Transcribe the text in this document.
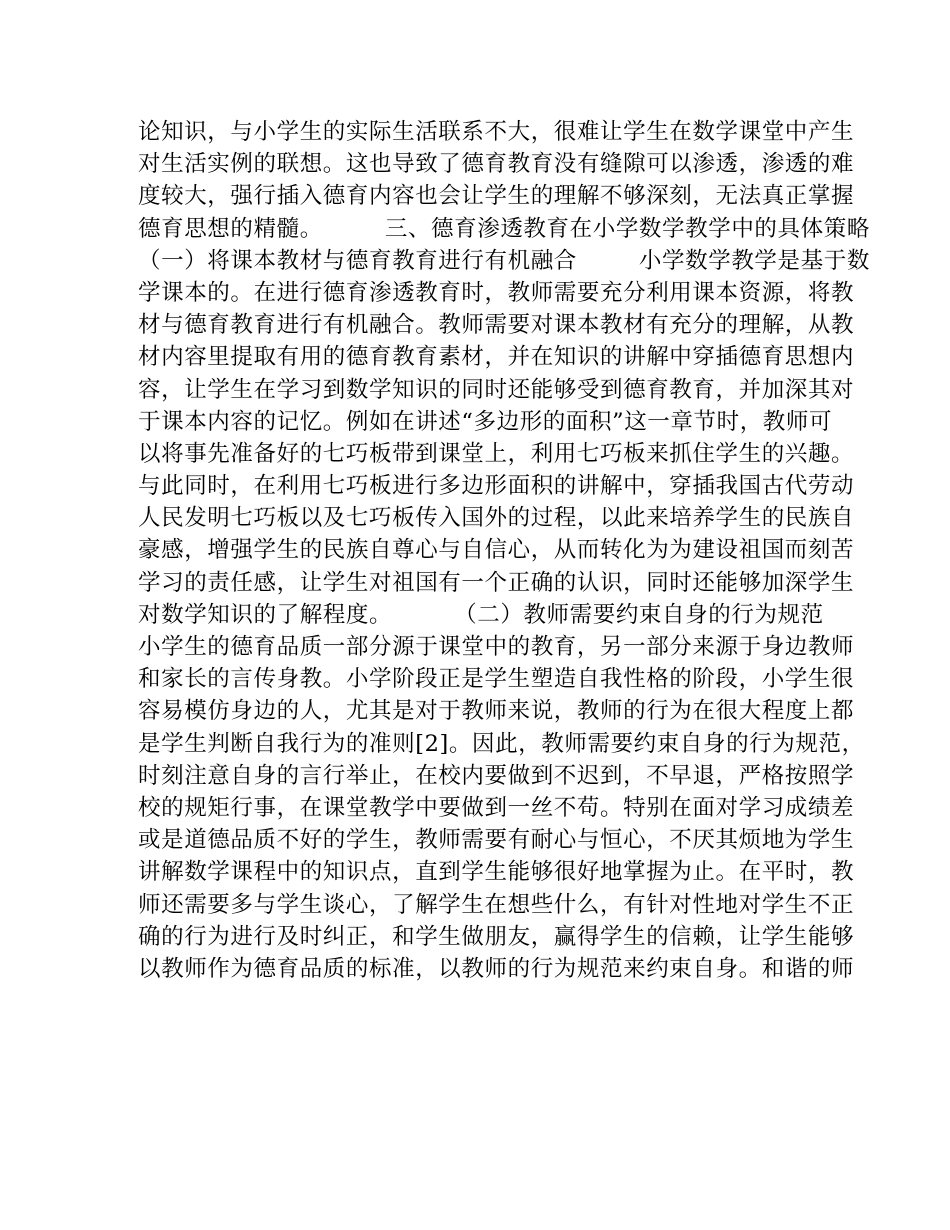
论知识，与小学生的实际生活联系不大，很难让学生在数学课堂中产生
对生活实例的联想。这也导致了德育教育没有缝隙可以渗透，渗透的难
度较大，强行插入德育内容也会让学生的理解不够深刻，无法真正掌握
德育思想的精髓。        三、德育渗透教育在小学数学教学中的具体策略
（一）将课本教材与德育教育进行有机融合        小学数学教学是基于数
学课本的。在进行德育渗透教育时，教师需要充分利用课本资源，将教
材与德育教育进行有机融合。教师需要对课本教材有充分的理解，从教
材内容里提取有用的德育教育素材，并在知识的讲解中穿插德育思想内
容，让学生在学习到数学知识的同时还能够受到德育教育，并加深其对
于课本内容的记忆。例如在讲述“多边形的面积”这一章节时，教师可
以将事先准备好的七巧板带到课堂上，利用七巧板来抓住学生的兴趣。
与此同时，在利用七巧板进行多边形面积的讲解中，穿插我国古代劳动
人民发明七巧板以及七巧板传入国外的过程，以此来培养学生的民族自
豪感，增强学生的民族自尊心与自信心，从而转化为为建设祖国而刻苦
学习的责任感，让学生对祖国有一个正确的认识，同时还能够加深学生
对数学知识的了解程度。        （二）教师需要约束自身的行为规范
小学生的德育品质一部分源于课堂中的教育，另一部分来源于身边教师
和家长的言传身教。小学阶段正是学生塑造自我性格的阶段，小学生很
容易模仿身边的人，尤其是对于教师来说，教师的行为在很大程度上都
是学生判断自我行为的准则[2]。因此，教师需要约束自身的行为规范，
时刻注意自身的言行举止，在校内要做到不迟到，不早退，严格按照学
校的规矩行事，在课堂教学中要做到一丝不苟。特别在面对学习成绩差
或是道德品质不好的学生，教师需要有耐心与恒心，不厌其烦地为学生
讲解数学课程中的知识点，直到学生能够很好地掌握为止。在平时，教
师还需要多与学生谈心，了解学生在想些什么，有针对性地对学生不正
确的行为进行及时纠正，和学生做朋友，赢得学生的信赖，让学生能够
以教师作为德育品质的标准，以教师的行为规范来约束自身。和谐的师
